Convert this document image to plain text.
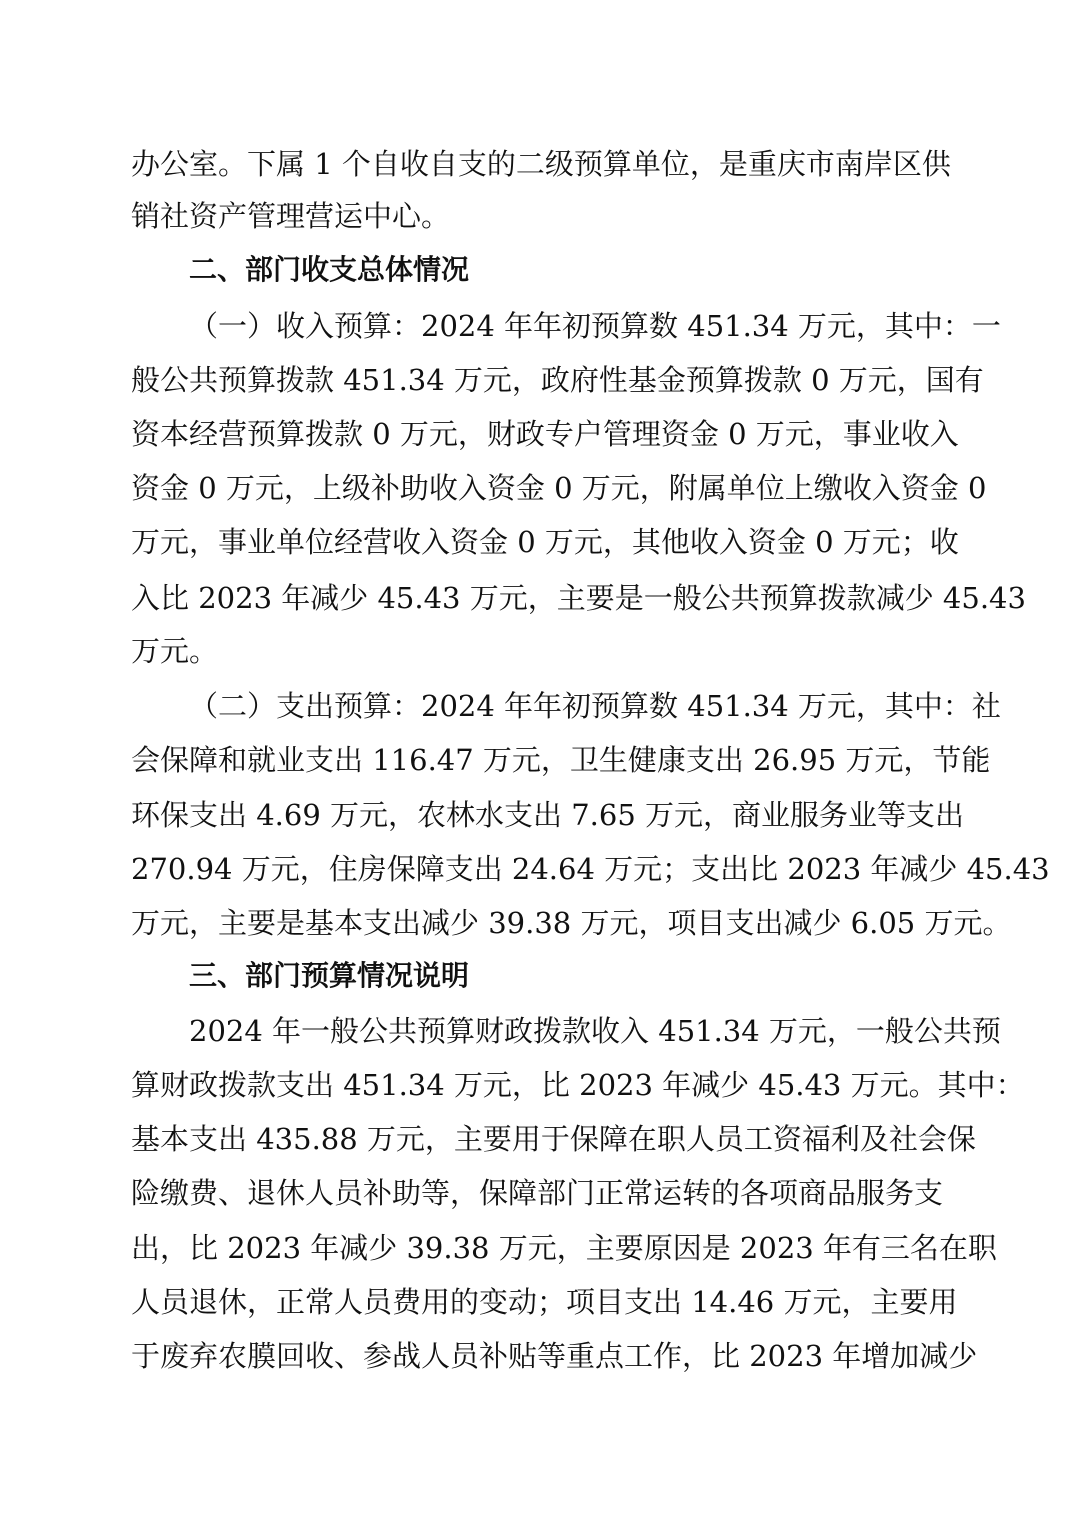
办公室。下属 1 个自收自支的二级预算单位，是重庆市南岸区供
销社资产管理营运中心。
二、部门收支总体情况
（一）收入预算：2024 年年初预算数 451.34 万元，其中：一
般公共预算拨款 451.34 万元，政府性基金预算拨款 0 万元，国有
资本经营预算拨款 0 万元，财政专户管理资金 0 万元，事业收入
资金 0 万元，上级补助收入资金 0 万元，附属单位上缴收入资金 0
万元，事业单位经营收入资金 0 万元，其他收入资金 0 万元；收
入比 2023 年减少 45.43 万元，主要是一般公共预算拨款减少 45.43
万元。
（二）支出预算：2024 年年初预算数 451.34 万元，其中：社
会保障和就业支出 116.47 万元，卫生健康支出 26.95 万元，节能
环保支出 4.69 万元，农林水支出 7.65 万元，商业服务业等支出
270.94 万元，住房保障支出 24.64 万元；支出比 2023 年减少 45.43
万元，主要是基本支出减少 39.38 万元，项目支出减少 6.05 万元。
三、部门预算情况说明
2024 年一般公共预算财政拨款收入 451.34 万元，一般公共预
算财政拨款支出 451.34 万元，比 2023 年减少 45.43 万元。其中：
基本支出 435.88 万元，主要用于保障在职人员工资福利及社会保
险缴费、退休人员补助等，保障部门正常运转的各项商品服务支
出，比 2023 年减少 39.38 万元，主要原因是 2023 年有三名在职
人员退休，正常人员费用的变动；项目支出 14.46 万元，主要用
于废弃农膜回收、参战人员补贴等重点工作，比 2023 年增加减少
